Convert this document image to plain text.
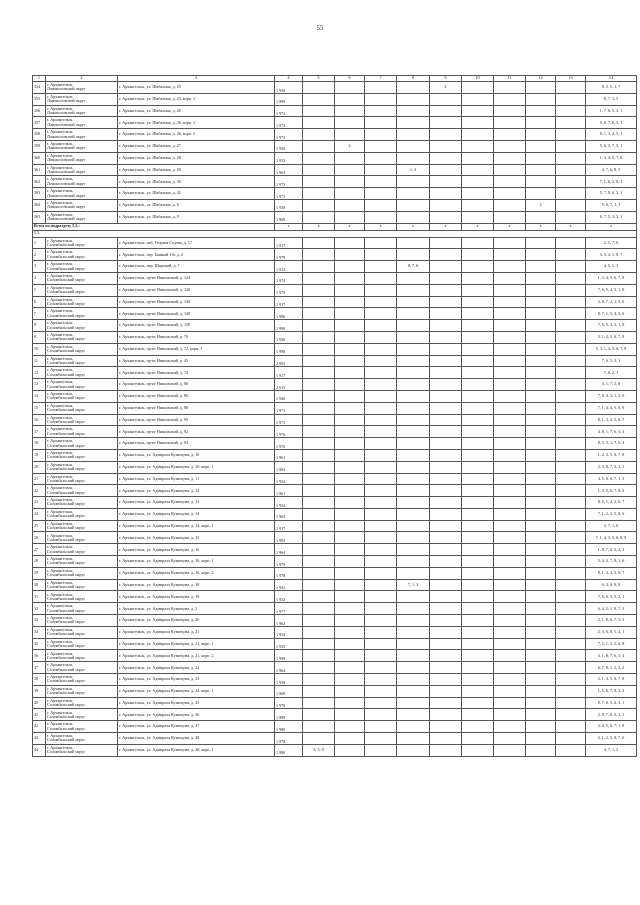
55
1	2	3	4	5	6	7	8	9	10	11	12	13	14
354	г. Архангельск,
Ломоносовский округ	г. Архангельск, ул. Шабалина, д. 25	1 930					2					8, 3, 5, 1, 7
355	г. Архангельск,
Ломоносовский округ	г. Архангельск, ул. Шабалина, д. 23, корп. 1	1 999										8, 7, 1, 5
356	г. Архангельск,
Ломоносовский округ	г. Архангельск, ул. Шабалина, д. 26	1 972										1, 7, 6, 5, 3, 1
357	г. Архангельск,
Ломоносовский округ	г. Архангельск, ул. Шабалина, д. 26, корп. 1	1 973										5, 8, 7, 6, 5, 1
358	г. Архангельск,
Ломоносовский округ	г. Архангельск, ул. Шабалина, д. 26, корп. 2	1 973										8, 1, 3, 4, 5, 1
359	г. Архангельск,
Ломоносовский округ	г. Архангельск, ул. Шабалина, д. 27	1 930		2								5, 6, 3, 7, 5, 1
360	г. Архангельск,
Ломоносовский округ	г. Архангельск, ул. Шабалина, д. 28	1 932										1, 3, 4, 5, 7, 8
361	г. Архангельск,
Ломоносовский округ	г. Архангельск, ул. Шабалина, д. 29	1 964				1, 3						4, 7, 6, 8, 5
362	г. Архангельск,
Ломоносовский округ	г. Архангельск, ул. Шабалина, д. 30	1 973										7, 1, 6, 3, 8, 1
363	г. Архангельск,
Ломоносовский округ	г. Архангельск, ул. Шабалина, д. 32	1 973										5, 7, 8, 6, 3, 1
364	г. Архангельск,
Ломоносовский округ	г. Архангельск, ул. Шабалина, д. 8	1 930								2		5, 6, 7, 1, 3
365	г. Архангельск,
Ломоносовский округ	г. Архангельск, ул. Шабалина, д. 9	1 960										6, 7, 5, 3, 3, 1
Всего по подразделу 5.2.:			х	х	х	х	х	х	х	х	х	х	х
5.3.													
1	г. Архангельск,
Соломбальский округ	г. Архангельск, наб. Георгия Седова, д. 17	1 917										2, 1, 7, 6
2	г. Архангельск,
Соломбальский округ	г. Архангельск, пер. Банный 1-й, д. 2	1 979										3, 5, 4, 1, 8, 7
3	г. Архангельск,
Соломбальский округ	г. Архангельск, пер. Широкий, д. 7	1 912				8, 7, 6						4, 5, 1, 3
4	г. Архангельск,
Соломбальский округ	г. Архангельск, пр-кт Никольский, д. 124	1 974										1, 3, 4, 5, 6, 7, 8
5	г. Архангельск,
Соломбальский округ	г. Архангельск, пр-кт Никольский, д. 126	1 979										7, 6, 5, 4, 3, 1, 8
6	г. Архангельск,
Соломбальский округ	г. Архангельск, пр-кт Никольский, д. 140	1 917										3, 8, 7, 2, 1, 5, 6
7	г. Архангельск,
Соломбальский округ	г. Архангельск, пр-кт Никольский, д. 148	1 986										8, 7, 1, 5, 4, 3, 6
8	г. Архангельск,
Соломбальский округ	г. Архангельск, пр-кт Никольский, д. 150	1 990										7, 6, 5, 3, 2, 1, 8
9	г. Архангельск,
Соломбальский округ	г. Архангельск, пр-кт Никольский, д. 76	1 936										3, 1, 2, 5, 6, 7, 8
10	г. Архангельск,
Соломбальский округ	г. Архангельск, пр-кт Никольский, д. 72, корп. 1	1 998										5, 3, 1, 4, 5, 6, 7, 8
11	г. Архангельск,
Соломбальский округ	г. Архангельск, пр-кт Никольский, д. 45	2 005										7, 6, 5, 3, 1
12	г. Архангельск,
Соломбальский округ	г. Архангельск, пр-кт Никольский, д. 74	1 917										7, 6, 2, 1
13	г. Архангельск,
Соломбальский округ	г. Архангельск, пр-кт Никольский, д. 80	2 013										3, 1, 7, 5, 8
14	г. Архангельск,
Соломбальский округ	г. Архангельск, пр-кт Никольский, д. 86	1 940										7, 8, 4, 3, 1, 5, 6
15	г. Архангельск,
Соломбальский округ	г. Архангельск, пр-кт Никольский, д. 88	1 971										7, 1, 3, 4, 5, 6, 8
16	г. Архангельск,
Соломбальский округ	г. Архангельск, пр-кт Никольский, д. 90	1 971										8, 1, 3, 4, 5, 6, 7
17	г. Архангельск,
Соломбальский округ	г. Архангельск, пр-кт Никольский, д. 92	1 976										4, 8, 1, 7, 6, 5, 3
18	г. Архангельск,
Соломбальский округ	г. Архангельск, пр-кт Никольский, д. 94	1 976										8, 5, 3, 1, 7, 6, 4
19	г. Архангельск,
Соломбальский округ	г. Архангельск, ул. Адмирала Кузнецова, д. 10	1 961										1, 2, 3, 5, 6, 7, 8
20	г. Архангельск,
Соломбальский округ	г. Архангельск, ул. Адмирала Кузнецова, д. 10, корп. 1	1 964										2, 3, 8, 7, 5, 3, 1
21	г. Архангельск,
Соломбальский округ	г. Архангельск, ул. Адмирала Кузнецова, д. 11	1 934										4, 5, 6, 6, 7, 1, 3
22	г. Архангельск,
Соломбальский округ	г. Архангельск, ул. Адмирала Кузнецова, д. 12	1 961										1, 3, 5, 6, 7, 8, 2
23	г. Архангельск,
Соломбальский округ	г. Архангельск, ул. Адмирала Кузнецова, д. 13	1 934										8, 5, 1, 4, 3, 6, 7
24	г. Архангельск,
Соломбальский округ	г. Архангельск, ул. Адмирала Кузнецова, д. 14	1 964										7, 1, 2, 3, 5, 8, 6
25	г. Архангельск,
Соломбальский округ	г. Архангельск, ул. Адмирала Кузнецова, д. 14, корп. 1	1 917										2, 7, 1, 6
26	г. Архангельск,
Соломбальский округ	г. Архангельск, ул. Адмирала Кузнецова, д. 15	1 992										7, 1, 4, 3, 5, 6, 8, 9
27	г. Архангельск,
Соломбальский округ	г. Архангельск, ул. Адмирала Кузнецова, д. 16	1 964										1, 8, 7, 6, 5, 4, 3
28	г. Архангельск,
Соломбальский округ	г. Архангельск, ул. Адмирала Кузнецова, д. 16, корп. 1	1 979										5, 4, 3, 7, 8, 1, 6
29	г. Архангельск,
Соломбальский округ	г. Архангельск, ул. Адмирала Кузнецова, д. 16, корп. 2	1 978										8, 1, 3, 4, 5, 6, 7
30	г. Архангельск,
Соломбальский округ	г. Архангельск, ул. Адмирала Кузнецова, д. 18	1 941				7, 1, 3						6, 3, 4, 9, 8
31	г. Архангельск,
Соломбальский округ	г. Архангельск, ул. Адмирала Кузнецова, д. 19	1 932										7, 8, 6, 5, 3, 2, 1
32	г. Архангельск,
Соломбальский округ	г. Архангельск, ул. Адмирала Кузнецова, д. 2	1 977										6, 4, 2, 1, 8, 7, 3
33	г. Архангельск,
Соломбальский округ	г. Архангельск, ул. Адмирала Кузнецова, д. 20	1 962										2, 1, 8, 6, 7, 5, 3
34	г. Архангельск,
Соломбальский округ	г. Архангельск, ул. Адмирала Кузнецова, д. 21	1 934										2, 3, 6, 8, 5, 4, 1
35	г. Архангельск,
Соломбальский округ	г. Архангельск, ул. Адмирала Кузнецова, д. 21, корп. 1	1 935										7, 5, 1, 3, 5, 6, 8
36	г. Архангельск,
Соломбальский округ	г. Архангельск, ул. Адмирала Кузнецова, д. 21, корп. 2	1 999										3, 1, 8, 7, 6, 5, 4
37	г. Архангельск,
Соломбальский округ	г. Архангельск, ул. Адмирала Кузнецова, д. 22	1 964										6, 7, 8, 1, 5, 3, 2
38	г. Архангельск,
Соломбальский округ	г. Архангельск, ул. Адмирала Кузнецова, д. 23	1 938										2, 1, 3, 5, 6, 7, 8
39	г. Архангельск,
Соломбальский округ	г. Архангельск, ул. Адмирала Кузнецова, д. 24, корп. 1	1 960										1, 5, 6, 7, 8, 3, 2
40	г. Архангельск,
Соломбальский округ	г. Архангельск, ул. Адмирала Кузнецова, д. 25	1 970										8, 7, 6, 5, 4, 3, 1
41	г. Архангельск,
Соломбальский округ	г. Архангельск, ул. Адмирала Кузнецова, д. 26	1 989										2, 8, 7, 6, 5, 3, 1
42	г. Архангельск,
Соломбальский округ	г. Архангельск, ул. Адмирала Кузнецова, д. 27	1 989										3, 4, 5, 6, 7, 1, 8
43	г. Архангельск,
Соломбальский округ	г. Архангельск, ул. Адмирала Кузнецова, д. 28	1 978										3, 1, 2, 5, 8, 7, 6
44	г. Архангельск,
Соломбальский округ	г. Архангельск, ул. Адмирала Кузнецова, д. 28, корп. 1	1 980	3, 5, 8									4, 7, 1, 2
